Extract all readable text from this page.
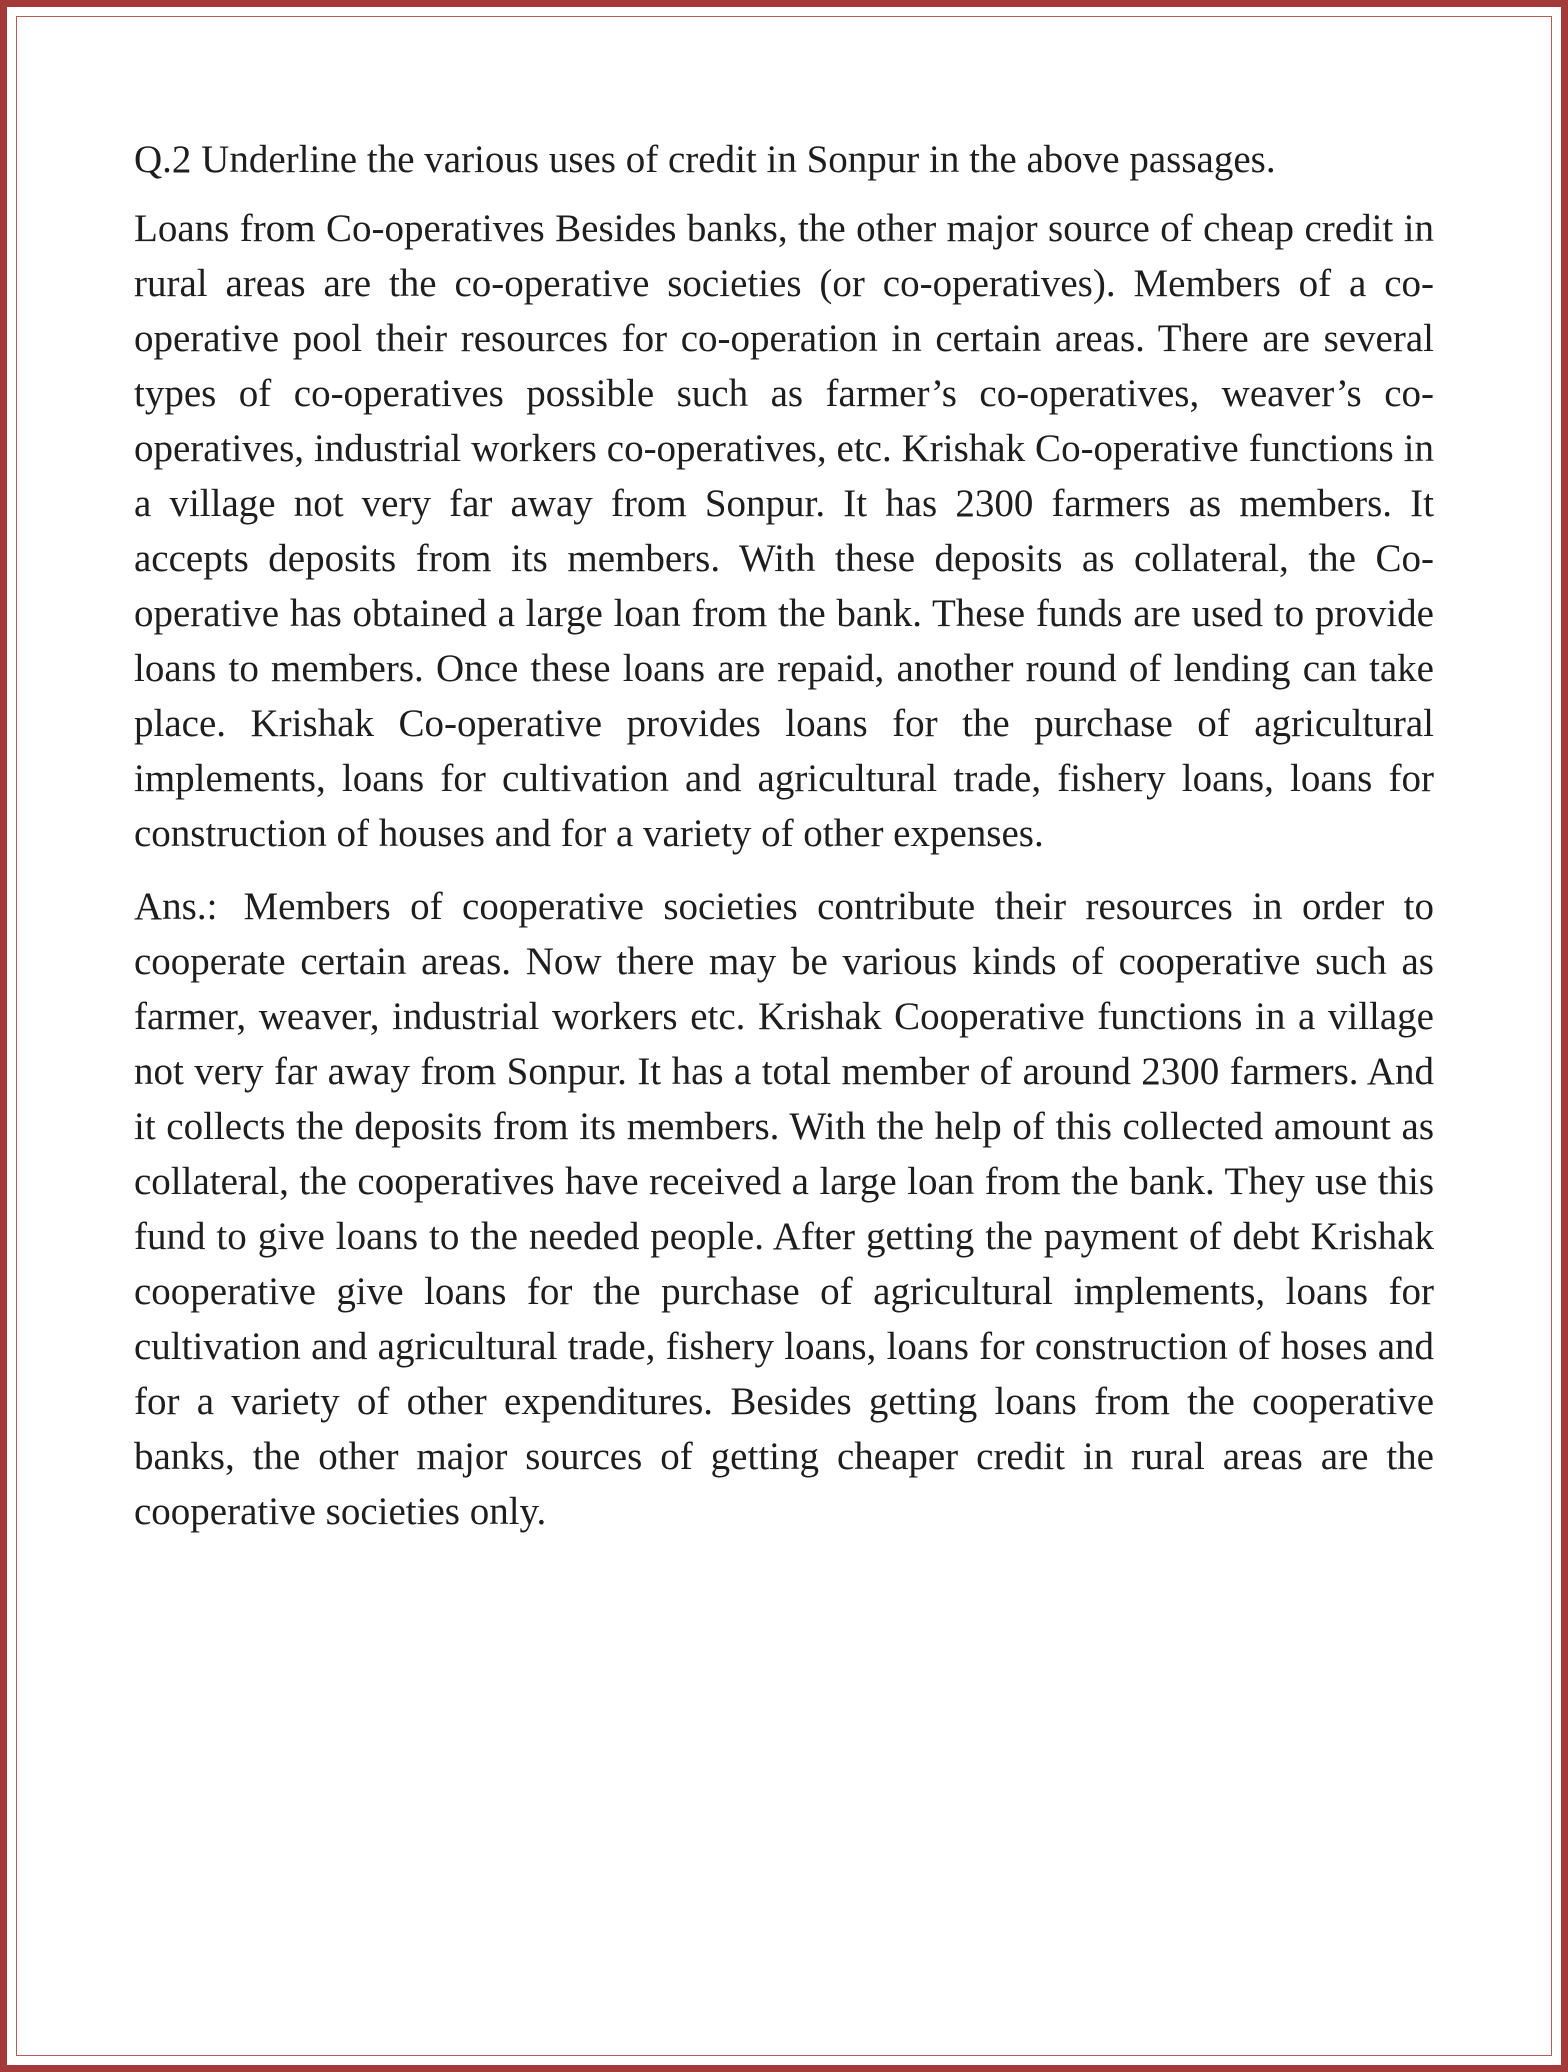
Q.2 Underline the various uses of credit in Sonpur in the above passages.

Loans from Co-operatives Besides banks, the other major source of cheap credit in rural areas are the co-operative societies (or co-operatives). Members of a co-operative pool their resources for co-operation in certain areas. There are several types of co-operatives possible such as farmer’s co-operatives, weaver’s co-operatives, industrial workers co-operatives, etc. Krishak Co-operative functions in a village not very far away from Sonpur. It has 2300 farmers as members. It accepts deposits from its members. With these deposits as collateral, the Co-operative has obtained a large loan from the bank. These funds are used to provide loans to members. Once these loans are repaid, another round of lending can take place. Krishak Co-operative provides loans for the purchase of agricultural implements, loans for cultivation and agricultural trade, fishery loans, loans for construction of houses and for a variety of other expenses.

Ans.: Members of cooperative societies contribute their resources in order to cooperate certain areas. Now there may be various kinds of cooperative such as farmer, weaver, industrial workers etc. Krishak Cooperative functions in a village not very far away from Sonpur. It has a total member of around 2300 farmers. And it collects the deposits from its members. With the help of this collected amount as collateral, the cooperatives have received a large loan from the bank. They use this fund to give loans to the needed people. After getting the payment of debt Krishak cooperative give loans for the purchase of agricultural implements, loans for cultivation and agricultural trade, fishery loans, loans for construction of hoses and for a variety of other expenditures. Besides getting loans from the cooperative banks, the other major sources of getting cheaper credit in rural areas are the cooperative societies only.
